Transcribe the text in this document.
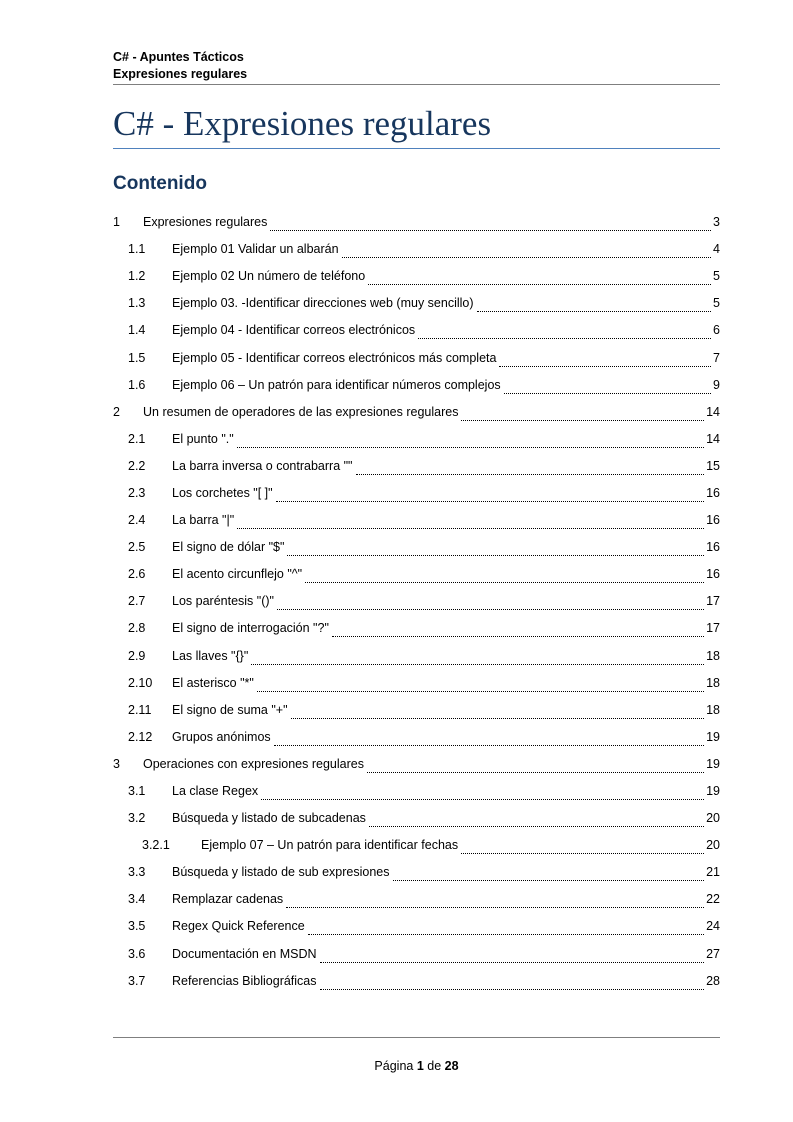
C# - Apuntes Tácticos
Expresiones regulares
C# - Expresiones regulares
Contenido
1	Expresiones regulares	3
1.1	Ejemplo 01 Validar un albarán	4
1.2	Ejemplo 02 Un número de teléfono	5
1.3	Ejemplo 03. -Identificar direcciones web (muy sencillo)	5
1.4	Ejemplo 04 - Identificar correos electrónicos	6
1.5	Ejemplo 05 - Identificar correos electrónicos más completa	7
1.6	Ejemplo 06 – Un patrón para identificar números complejos	9
2	Un resumen de operadores de las expresiones regulares	14
2.1	El punto "."	14
2.2	La barra inversa o contrabarra ""	15
2.3	Los corchetes "[ ]"	16
2.4	La barra "|"	16
2.5	El signo de dólar "$"	16
2.6	El acento circunflejo "^"	16
2.7	Los paréntesis "()"	17
2.8	El signo de interrogación "?"	17
2.9	Las llaves "{}"	18
2.10	El asterisco "*"	18
2.11	El signo de suma "+"	18
2.12	Grupos anónimos	19
3	Operaciones con expresiones regulares	19
3.1	La clase Regex	19
3.2	Búsqueda y listado de subcadenas	20
3.2.1	Ejemplo 07 – Un patrón para identificar fechas	20
3.3	Búsqueda y listado de sub expresiones	21
3.4	Remplazar cadenas	22
3.5	Regex Quick Reference	24
3.6	Documentación en MSDN	27
3.7	Referencias Bibliográficas	28
Página 1 de 28
